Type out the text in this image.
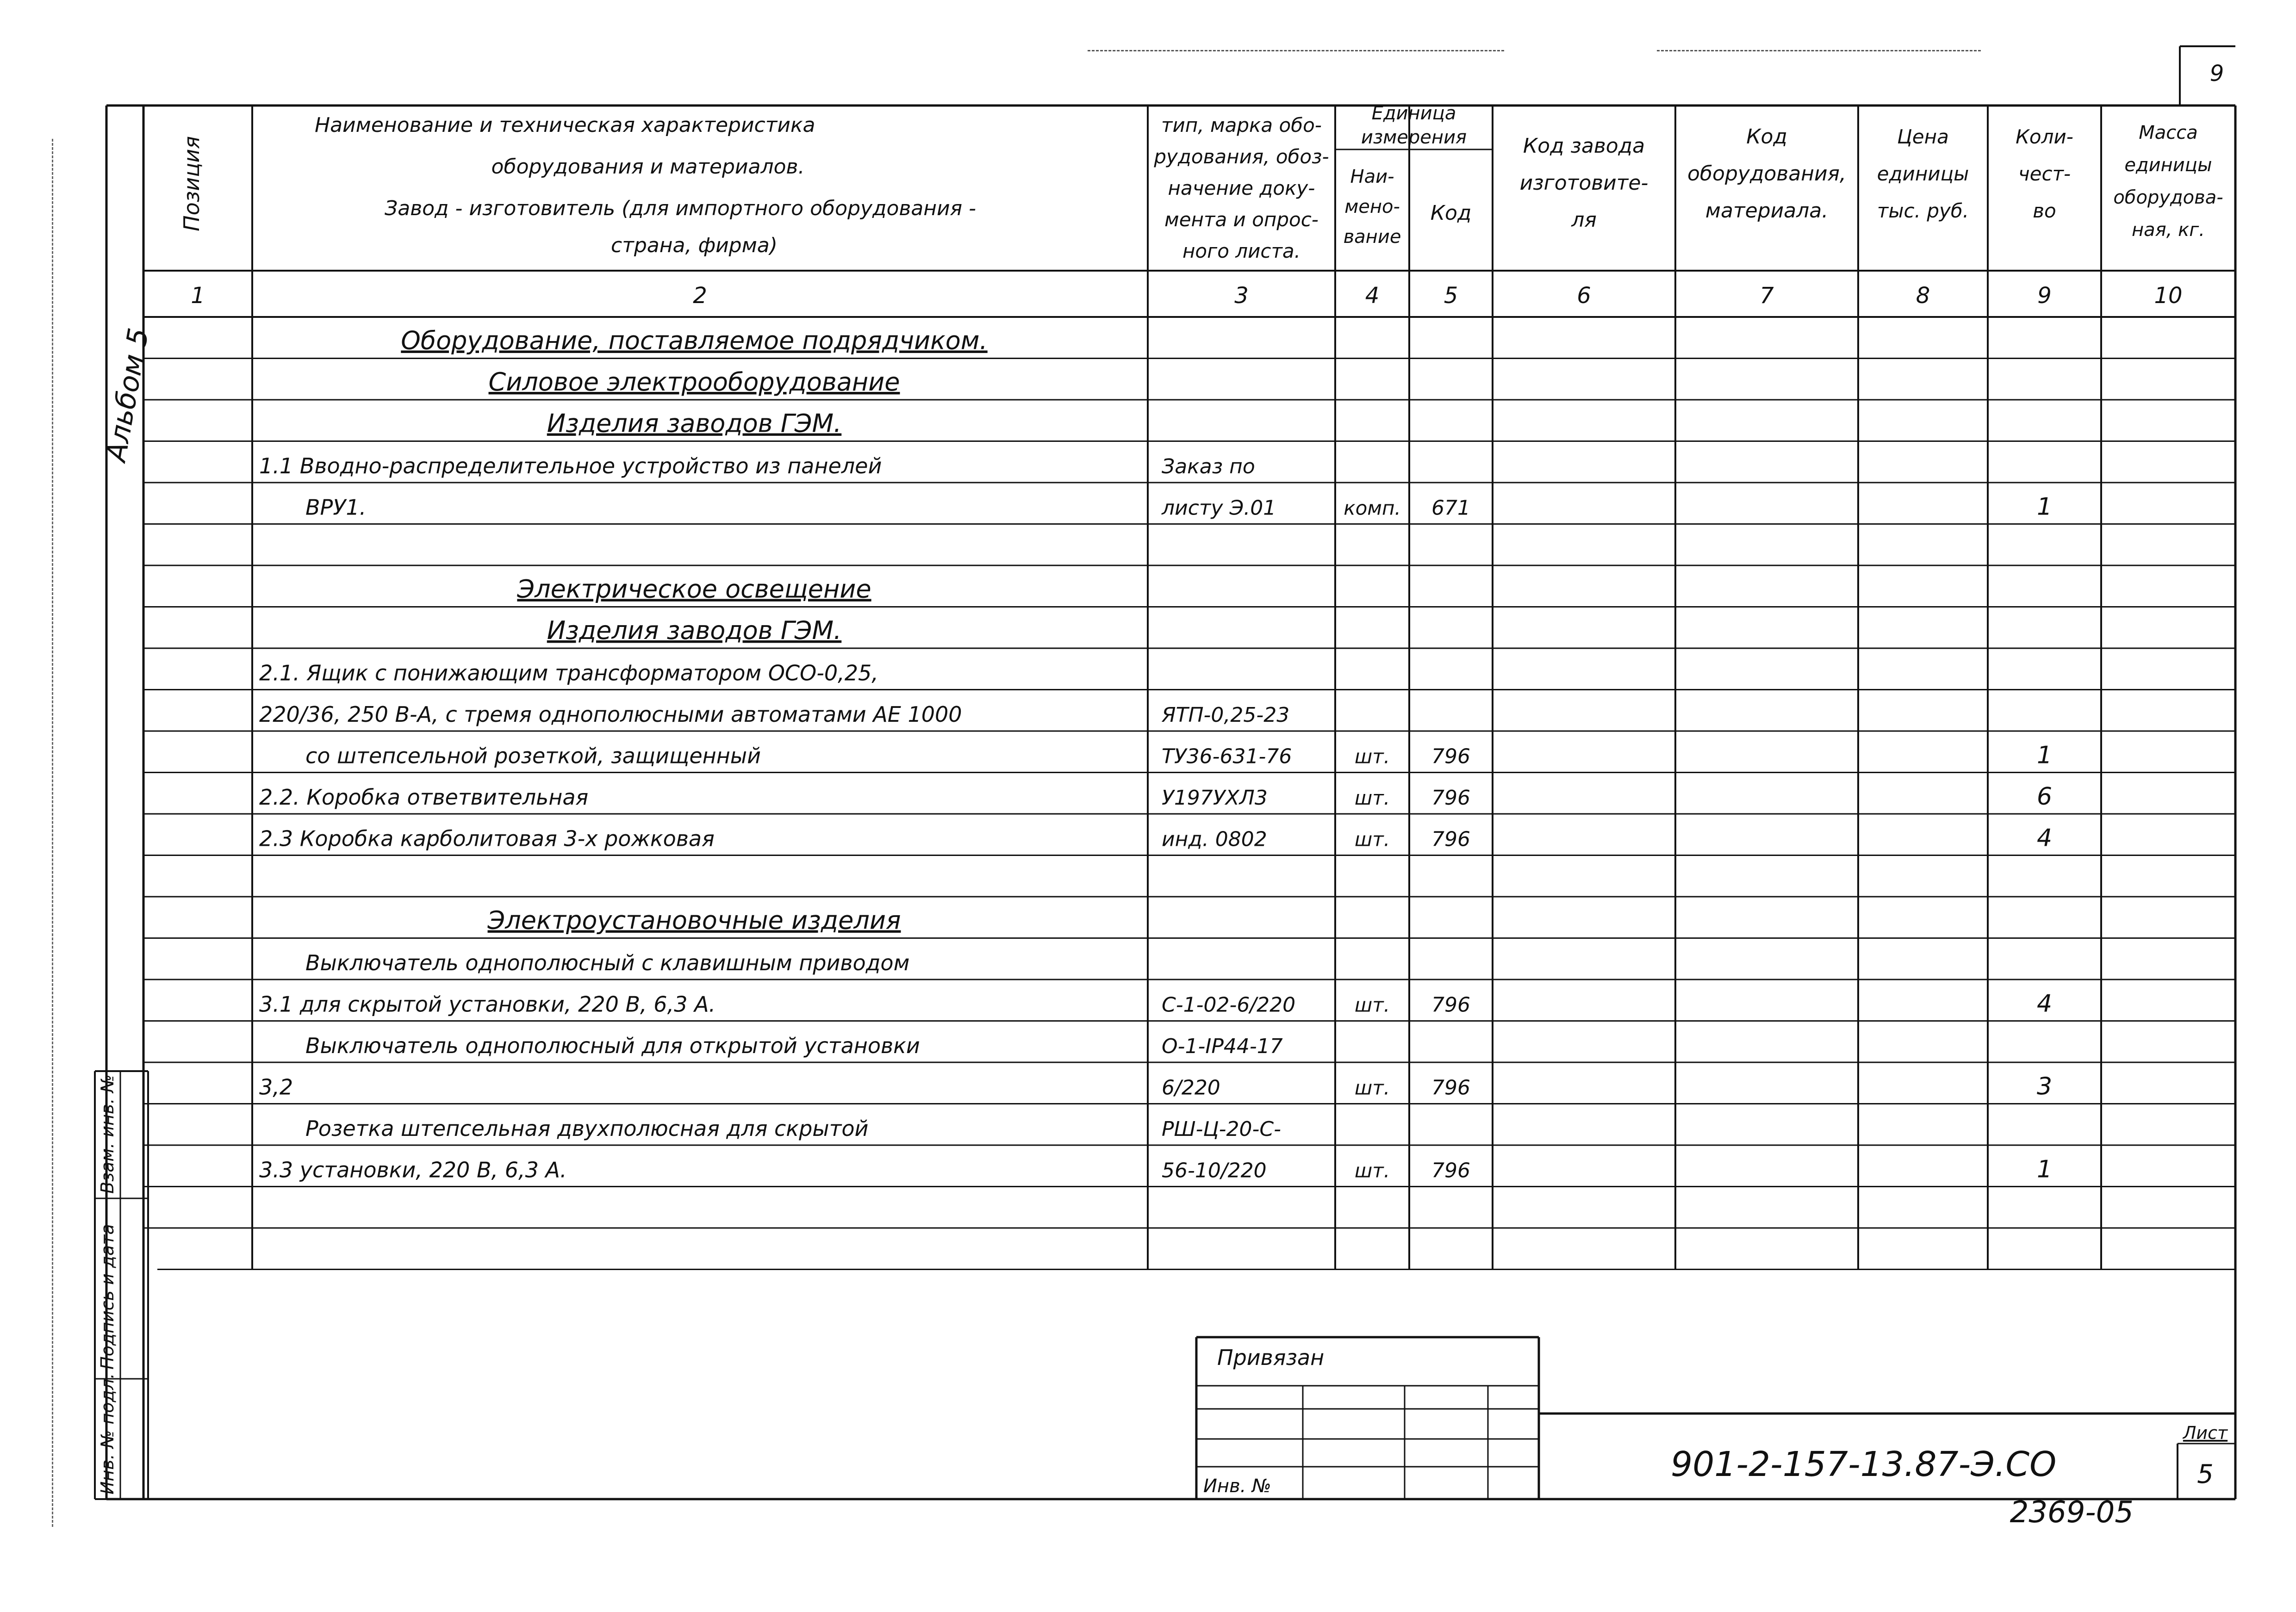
Позиция
Наименование и техническая характеристика
оборудования и материалов.
Завод - изготовитель (для импортного оборудования -
страна, фирма)
тип, марка обо-
рудования, обоз-
начение доку-
мента и опрос-
ного листа.
Единица
измерения
Наи-
мено-
вание
Код
Код завода
изготовите-
ля
Код
оборудования,
материала.
Цена
единицы
тыс. руб.
Коли-
чест-
во
Масса
единицы
оборудова-
ная, кг.
1	2	3	4	5	6	7	8	9	10
Оборудование, поставляемое подрядчиком.
Силовое электрооборудование
Изделия заводов ГЭМ.
1.1 Вводно-распределительное устройство из панелей	Заказ по
ВРУ1.	листу Э.01	комп. 671	1
Электрическое освещение
Изделия заводов ГЭМ.
2.1. Ящик с понижающим трансформатором ОСО-0,25,
220/36, 250 В-А, с тремя однополюсными автоматами АЕ 1000	ЯТП-0,25-23
со штепсельной розеткой, защищенный	ТУ36-631-76	шт. 796	1
2.2. Коробка ответвительная	У197УХЛ3	шт. 796	6
2.3 Коробка карболитовая 3-х рожковая	инд. 0802	шт. 796	4
Электроустановочные изделия
Выключатель однополюсный с клавишным приводом
3.1 для скрытой установки, 220 В, 6,3 А.	С-1-02-6/220	шт. 796	4
Выключатель однополюсный для открытой установки	О-1-IР44-17
3,2	6/220	шт. 796	3
Розетка штепсельная двухполюсная для скрытой	РШ-Ц-20-С-
3.3 установки, 220 В, 6,3 А.	56-10/220	шт. 796	1
Альбом 5
Инв. № подл.
Подпись и дата
Взам. инв. №
9
Привязан
Инв. №
901-2-157-13.87-Э.СО
Лист
5
2369-05
